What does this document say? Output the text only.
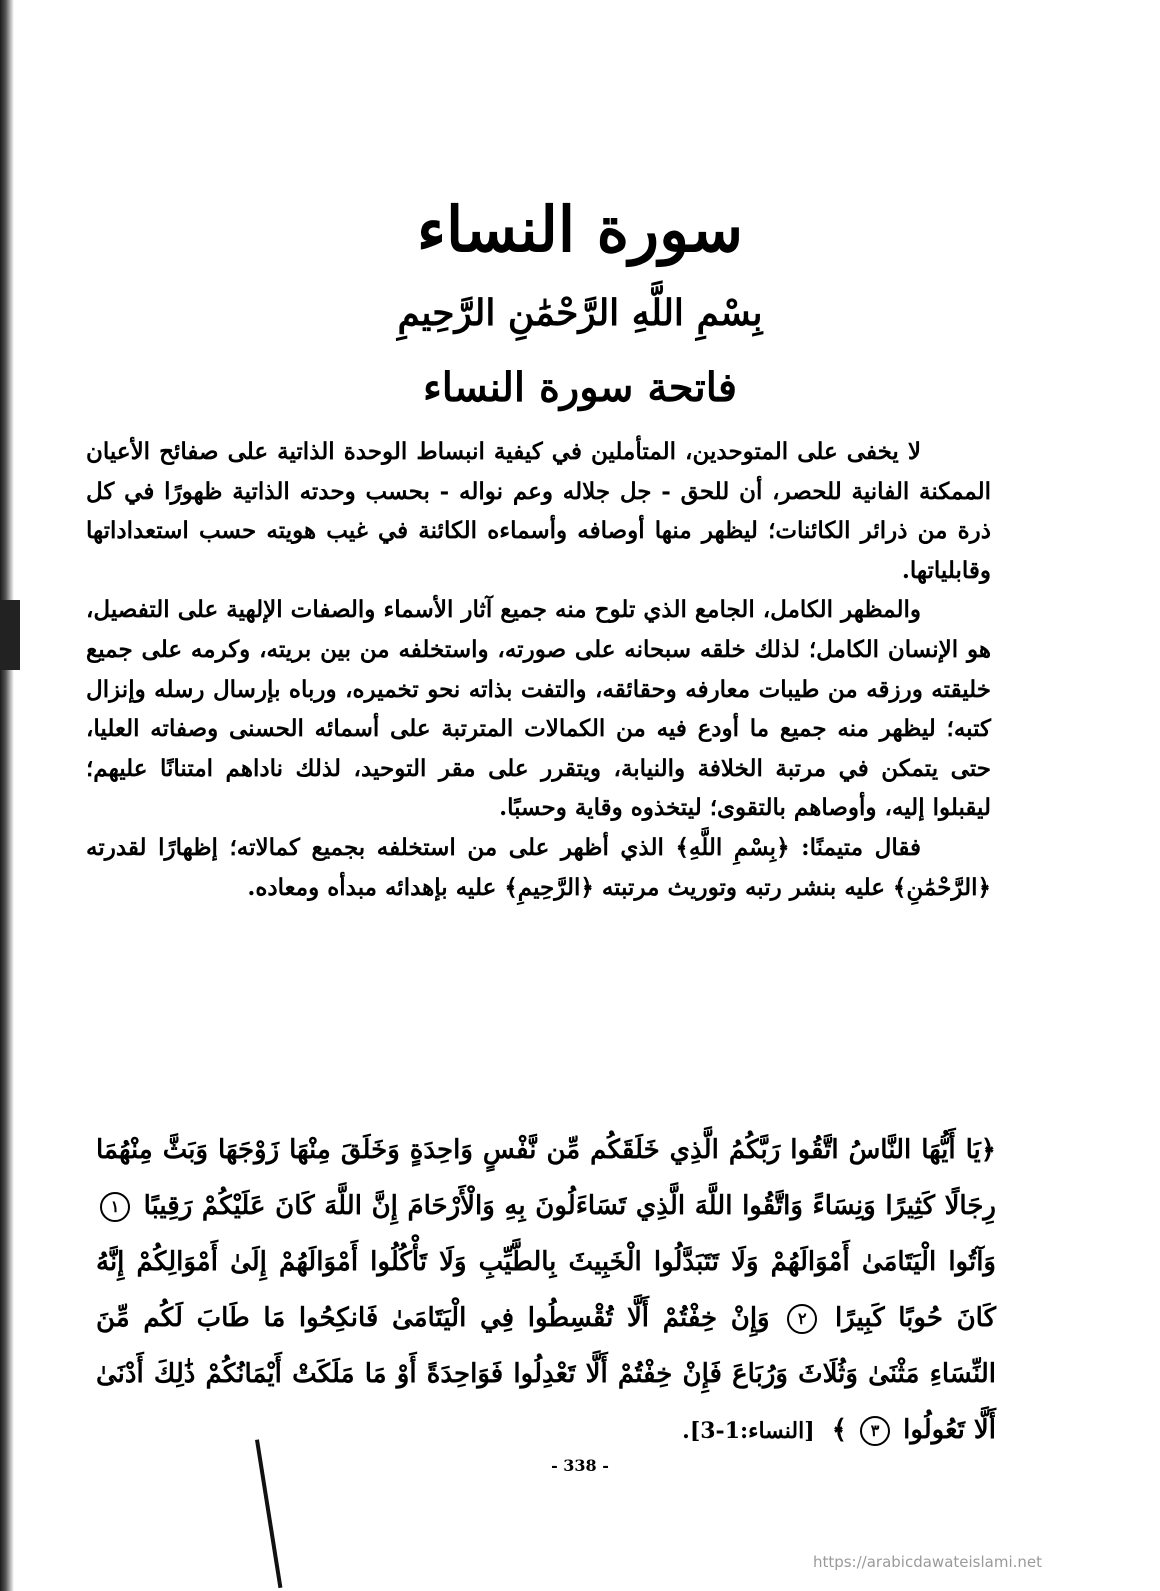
سورة النساء
بِسْمِ اللَّهِ الرَّحْمَٰنِ الرَّحِيمِ
فاتحة سورة النساء

لا يخفى على المتوحدين، المتأملين في كيفية انبساط الوحدة الذاتية على صفائح الأعيان الممكنة الفانية للحصر، أن للحق - جل جلاله وعم نواله - بحسب وحدته الذاتية ظهورًا في كل ذرة من ذرائر الكائنات؛ ليظهر منها أوصافه وأسماءه الكائنة في غيب هويته حسب استعداداتها وقابلياتها.

والمظهر الكامل، الجامع الذي تلوح منه جميع آثار الأسماء والصفات الإلهية على التفصيل، هو الإنسان الكامل؛ لذلك خلقه سبحانه على صورته، واستخلفه من بين بريته، وكرمه على جميع خليقته ورزقه من طيبات معارفه وحقائقه، والتفت بذاته نحو تخميره، ورباه بإرسال رسله وإنزال كتبه؛ ليظهر منه جميع ما أودع فيه من الكمالات المترتبة على أسمائه الحسنى وصفاته العليا، حتى يتمكن في مرتبة الخلافة والنيابة، ويتقرر على مقر التوحيد، لذلك ناداهم امتنانًا عليهم؛ ليقبلوا إليه، وأوصاهم بالتقوى؛ ليتخذوه وقاية وحسبًا.

فقال متيمنًا: ﴿بِسْمِ اللَّهِ﴾ الذي أظهر على من استخلفه بجميع كمالاته؛ إظهارًا لقدرته ﴿الرَّحْمَٰنِ﴾ عليه بنشر رتبه وتوريث مرتبته ﴿الرَّحِيمِ﴾ عليه بإهدائه مبدأه ومعاده.

﴿يَا أَيُّهَا النَّاسُ اتَّقُوا رَبَّكُمُ الَّذِي خَلَقَكُم مِّن نَّفْسٍ وَاحِدَةٍ وَخَلَقَ مِنْهَا زَوْجَهَا وَبَثَّ مِنْهُمَا رِجَالًا كَثِيرًا وَنِسَاءً وَاتَّقُوا اللَّهَ الَّذِي تَسَاءَلُونَ بِهِ وَالْأَرْحَامَ إِنَّ اللَّهَ كَانَ عَلَيْكُمْ رَقِيبًا ١ وَآتُوا الْيَتَامَىٰ أَمْوَالَهُمْ وَلَا تَتَبَدَّلُوا الْخَبِيثَ بِالطَّيِّبِ وَلَا تَأْكُلُوا أَمْوَالَهُمْ إِلَىٰ أَمْوَالِكُمْ إِنَّهُ كَانَ حُوبًا كَبِيرًا ٢ وَإِنْ خِفْتُمْ أَلَّا تُقْسِطُوا فِي الْيَتَامَىٰ فَانكِحُوا مَا طَابَ لَكُم مِّنَ النِّسَاءِ مَثْنَىٰ وَثُلَاثَ وَرُبَاعَ فَإِنْ خِفْتُمْ أَلَّا تَعْدِلُوا فَوَاحِدَةً أَوْ مَا مَلَكَتْ أَيْمَانُكُمْ ذَٰلِكَ أَدْنَىٰ أَلَّا تَعُولُوا ٣ ﴾ [النساء:1-3].
- 338 -
https://arabicdawateislami.net
